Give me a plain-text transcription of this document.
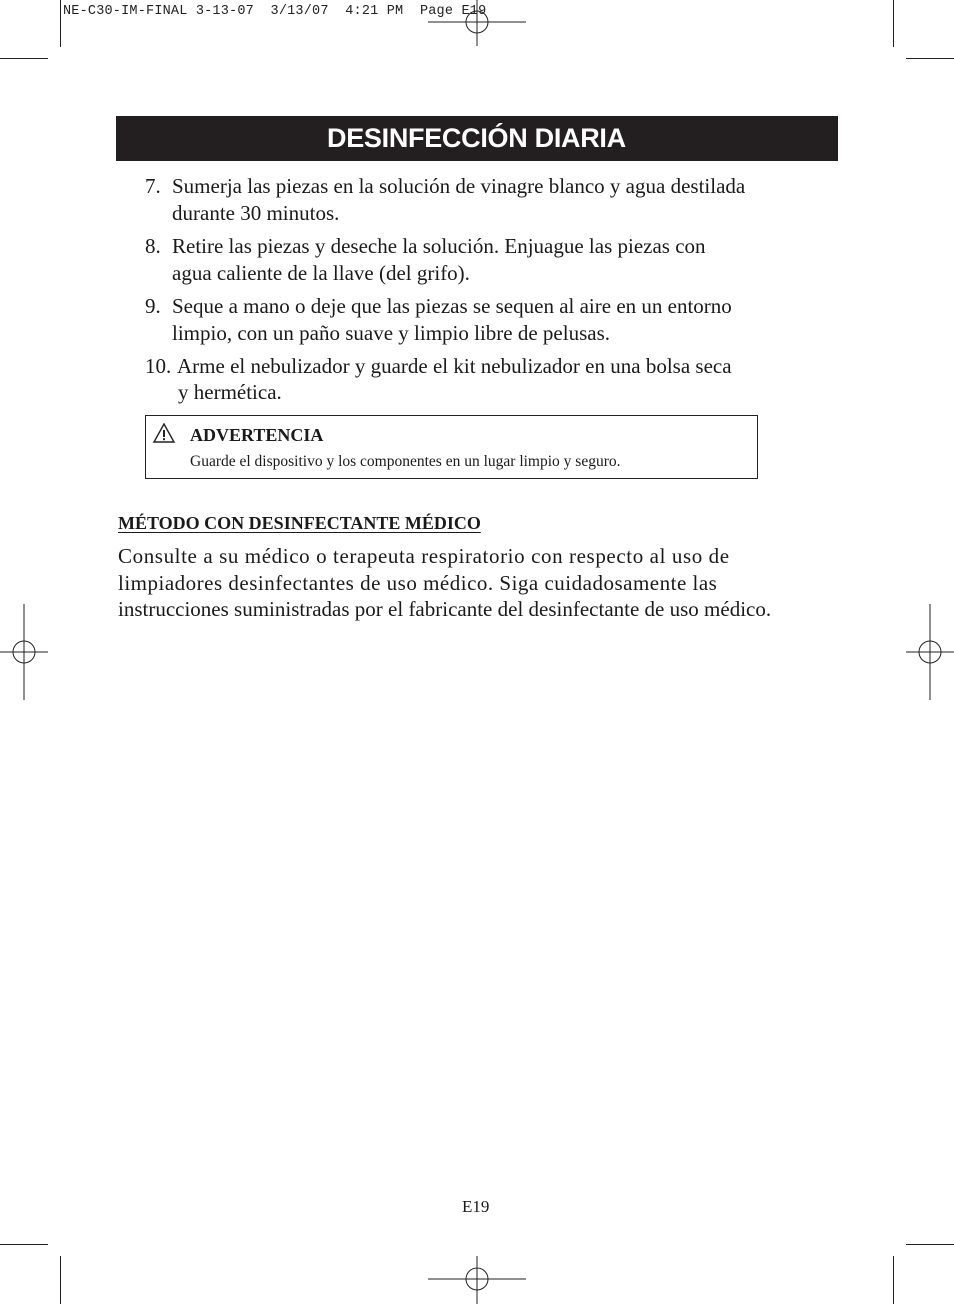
NE-C30-IM-FINAL 3-13-07  3/13/07  4:21 PM  Page E19
DESINFECCIÓN DIARIA
7. Sumerja las piezas en la solución de vinagre blanco y agua destilada
durante 30 minutos.
8. Retire las piezas y deseche la solución. Enjuague las piezas con
agua caliente de la llave (del grifo).
9. Seque a mano o deje que las piezas se sequen al aire en un entorno
limpio, con un paño suave y limpio libre de pelusas.
10. Arme el nebulizador y guarde el kit nebulizador en una bolsa seca
y hermética.
ADVERTENCIA
Guarde el dispositivo y los componentes en un lugar limpio y seguro.
MÉTODO CON DESINFECTANTE MÉDICO
Consulte a su médico o terapeuta respiratorio con respecto al uso de
limpiadores desinfectantes de uso médico. Siga cuidadosamente las
instrucciones suministradas por el fabricante del desinfectante de uso médico.
E19
